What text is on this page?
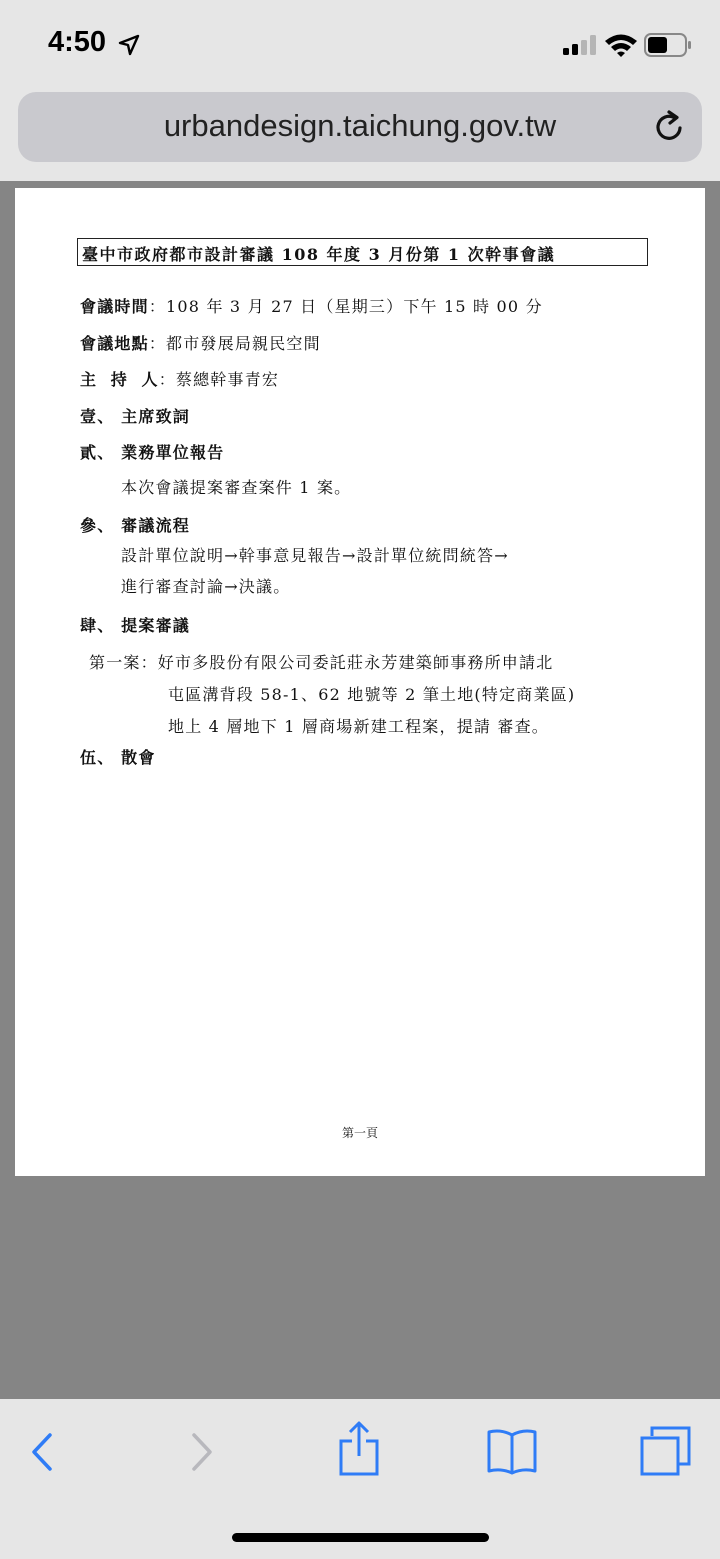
4:50
urbandesign.taichung.gov.tw
臺中市政府都市設計審議 108 年度 3 月份第 1 次幹事會議
會議時間：108 年 3 月 27 日（星期三）下午 15 時 00 分
會議地點：都市發展局親民空間
主  持  人：蔡總幹事青宏
壹、 主席致詞
貳、 業務單位報告
本次會議提案審查案件 1 案。
參、 審議流程
設計單位說明→幹事意見報告→設計單位統問統答→
進行審查討論→決議。
肆、 提案審議
第一案：好市多股份有限公司委託莊永芳建築師事務所申請北
屯區溝背段 58-1、62 地號等 2 筆土地(特定商業區)
地上 4 層地下 1 層商場新建工程案，提請 審查。
伍、 散會
第一頁
